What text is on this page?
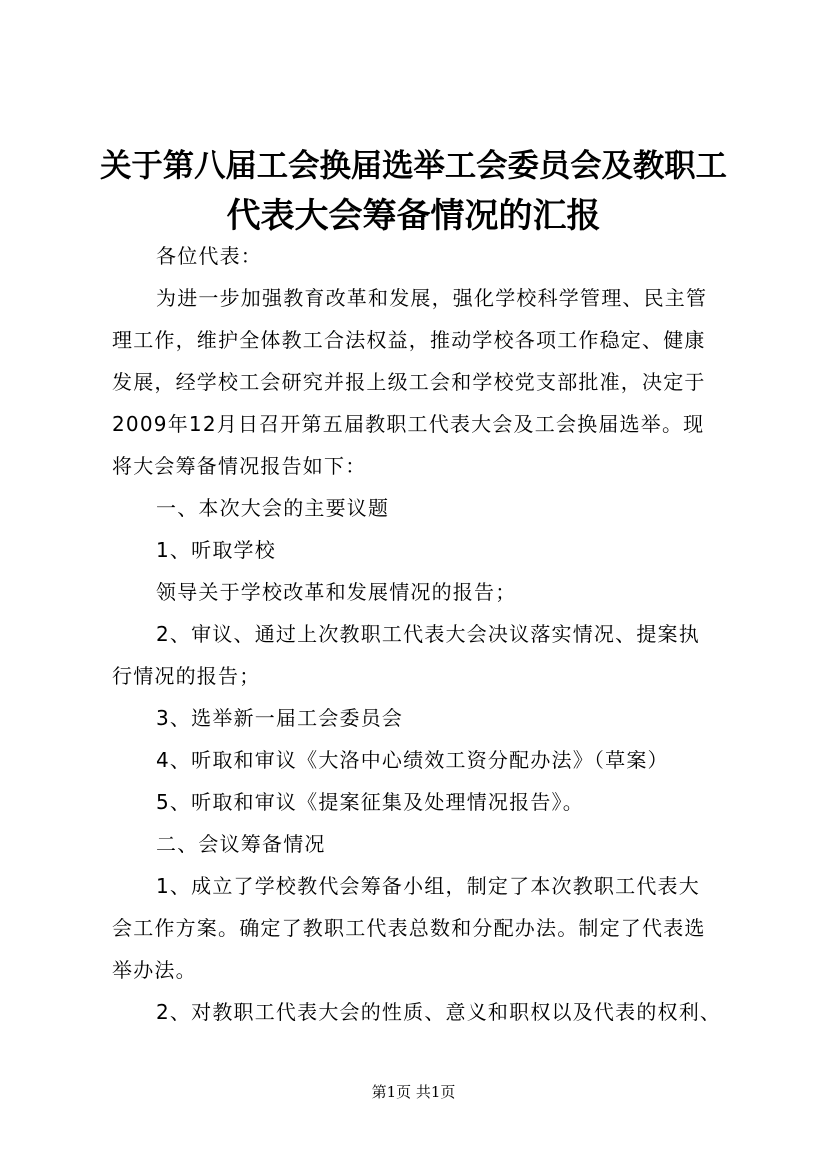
关于第八届工会换届选举工会委员会及教职工
代表大会筹备情况的汇报
各位代表：
为进一步加强教育改革和发展，强化学校科学管理、民主管
理工作，维护全体教工合法权益，推动学校各项工作稳定、健康
发展，经学校工会研究并报上级工会和学校党支部批准，决定于
2009年12月日召开第五届教职工代表大会及工会换届选举。现
将大会筹备情况报告如下：
一、本次大会的主要议题
1、听取学校
领导关于学校改革和发展情况的报告；
2、审议、通过上次教职工代表大会决议落实情况、提案执
行情况的报告；
3、选举新一届工会委员会
4、听取和审议《大洛中心绩效工资分配办法》（草案）
5、听取和审议《提案征集及处理情况报告》。
二、会议筹备情况
1、成立了学校教代会筹备小组，制定了本次教职工代表大
会工作方案。确定了教职工代表总数和分配办法。制定了代表选
举办法。
2、对教职工代表大会的性质、意义和职权以及代表的权利、
第1页 共1页
